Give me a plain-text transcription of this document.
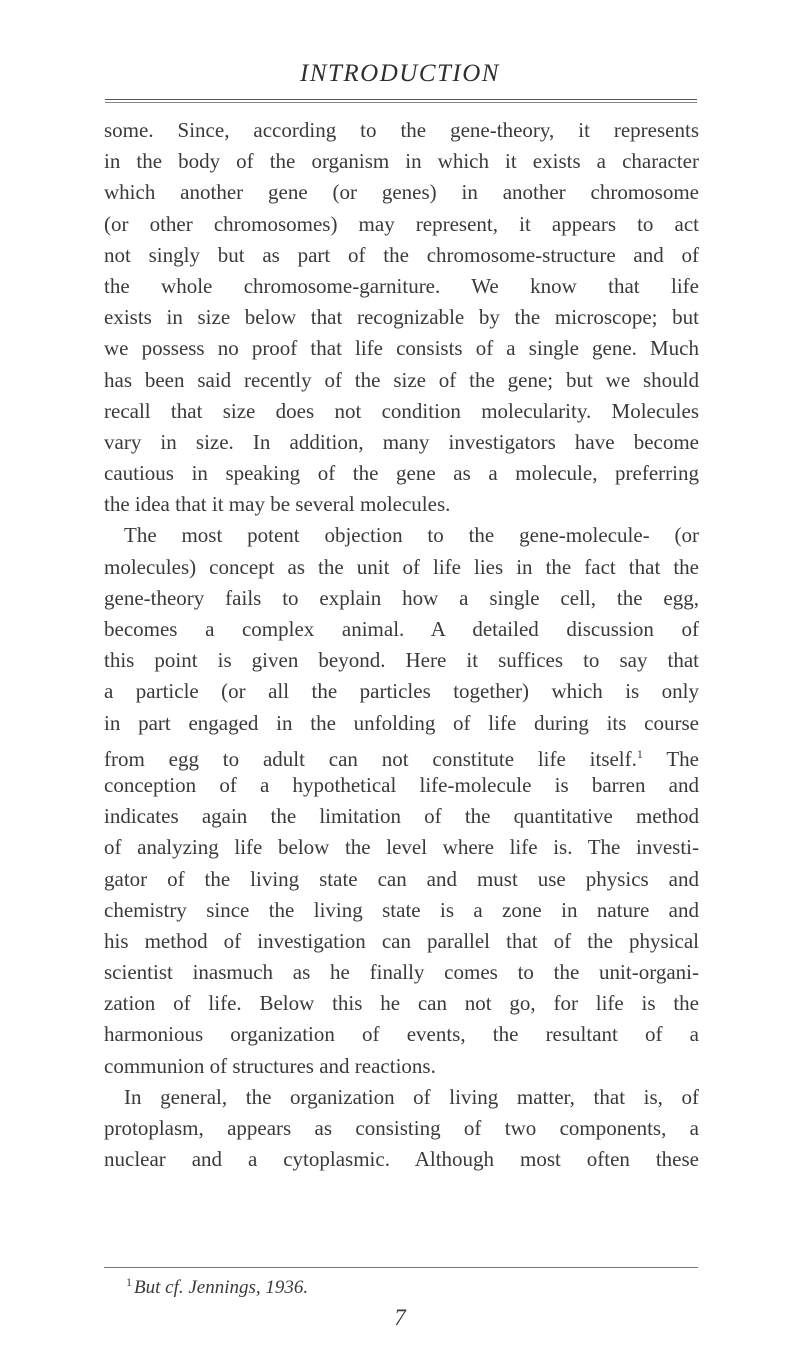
INTRODUCTION
some. Since, according to the gene-theory, it represents
in the body of the organism in which it exists a character
which another gene (or genes) in another chromosome
(or other chromosomes) may represent, it appears to act
not singly but as part of the chromosome-structure and of
the whole chromosome-garniture. We know that life
exists in size below that recognizable by the microscope; but
we possess no proof that life consists of a single gene. Much
has been said recently of the size of the gene; but we should
recall that size does not condition molecularity. Molecules
vary in size. In addition, many investigators have become
cautious in speaking of the gene as a molecule, preferring
the idea that it may be several molecules.
The most potent objection to the gene-molecule- (or
molecules) concept as the unit of life lies in the fact that the
gene-theory fails to explain how a single cell, the egg,
becomes a complex animal. A detailed discussion of
this point is given beyond. Here it suffices to say that
a particle (or all the particles together) which is only
in part engaged in the unfolding of life during its course
from egg to adult can not constitute life itself.$^1$ The
conception of a hypothetical life-molecule is barren and
indicates again the limitation of the quantitative method
of analyzing life below the level where life is. The investi-
gator of the living state can and must use physics and
chemistry since the living state is a zone in nature and
his method of investigation can parallel that of the physical
scientist inasmuch as he finally comes to the unit-organi-
zation of life. Below this he can not go, for life is the
harmonious organization of events, the resultant of a
communion of structures and reactions.
In general, the organization of living matter, that is, of
protoplasm, appears as consisting of two components, a
nuclear and a cytoplasmic. Although most often these
$^1$ But cf. Jennings, 1936.
7
